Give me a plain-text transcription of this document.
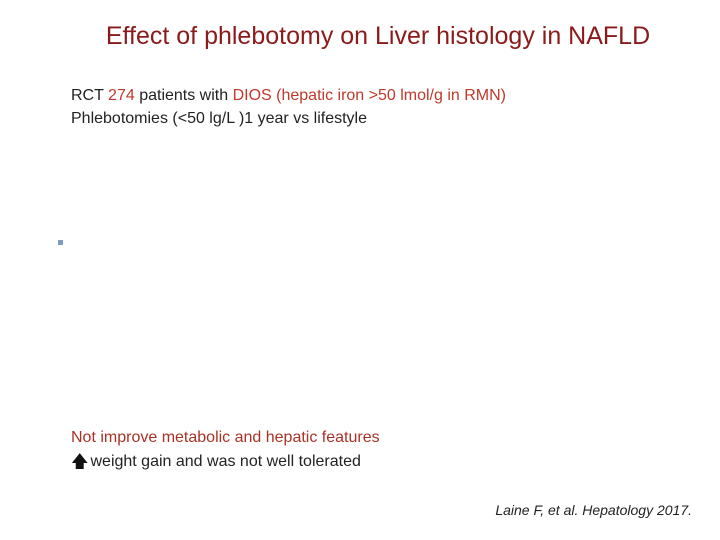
Effect of phlebotomy on Liver histology in NAFLD
RCT 274 patients with DIOS (hepatic iron >50 lmol/g in RMN)
Phlebotomies (<50 lg/L )1 year vs lifestyle
Not improve metabolic and hepatic features
🡅 weight gain and was not well tolerated
Laine F, et al. Hepatology 2017.
